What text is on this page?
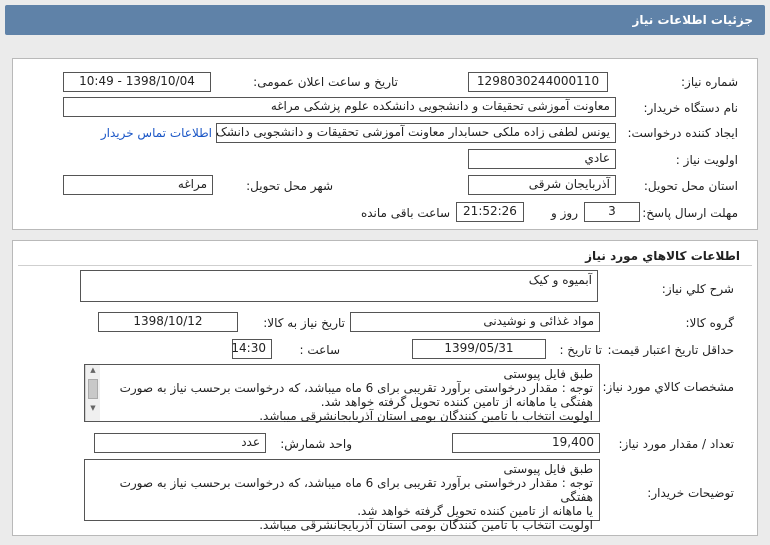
جزئیات اطلاعات نیاز
شماره نیاز:
1298030244000110
تاریخ و ساعت اعلان عمومی:
1398/10/04 - 10:49
نام دستگاه خریدار:
معاونت آموزشی تحقیقات و دانشجویی دانشکده علوم پزشکی مراغه
ایجاد کننده درخواست:
یونس لطفی زاده ملکی حسابدار معاونت آموزشی تحقیقات و دانشجویی دانشک
اطلاعات تماس خریدار
اولویت نیاز :
عادي
استان محل تحویل:
آذربایجان شرقی
شهر محل تحویل:
مراغه
مهلت ارسال پاسخ:
3
روز و
21:52:26
ساعت باقی مانده
اطلاعات کالاهاي مورد نياز
شرح کلي نياز:
آبمیوه و کیک
گروه کالا:
مواد غذائی و نوشیدنی
تاریخ نیاز به کالا:
1398/10/12
حداقل تاریخ اعتبار قیمت:
تا تاریخ :
1399/05/31
ساعت :
14:30
مشخصات کالاي مورد نياز:
طبق فایل پیوستی
توجه : مقدار درخواستی برآورد تقریبی برای 6 ماه میباشد، که درخواست برحسب نیاز به صورت
هفتگی یا ماهانه از تامین کننده تحویل گرفته خواهد شد.
اولویت انتخاب با تامین کنندگان بومی استان آذربایجانشرقی میباشد.
▲
▼
تعداد / مقدار مورد نیاز:
19,400
واحد شمارش:
عدد
توضیحات خریدار:
طبق فایل پیوستی
توجه : مقدار درخواستی برآورد تقریبی برای 6 ماه میباشد، که درخواست برحسب نیاز به صورت هفتگی
یا ماهانه از تامین کننده تحویل گرفته خواهد شد.
اولویت انتخاب با تامین کنندگان بومی استان آذربایجانشرقی میباشد.
